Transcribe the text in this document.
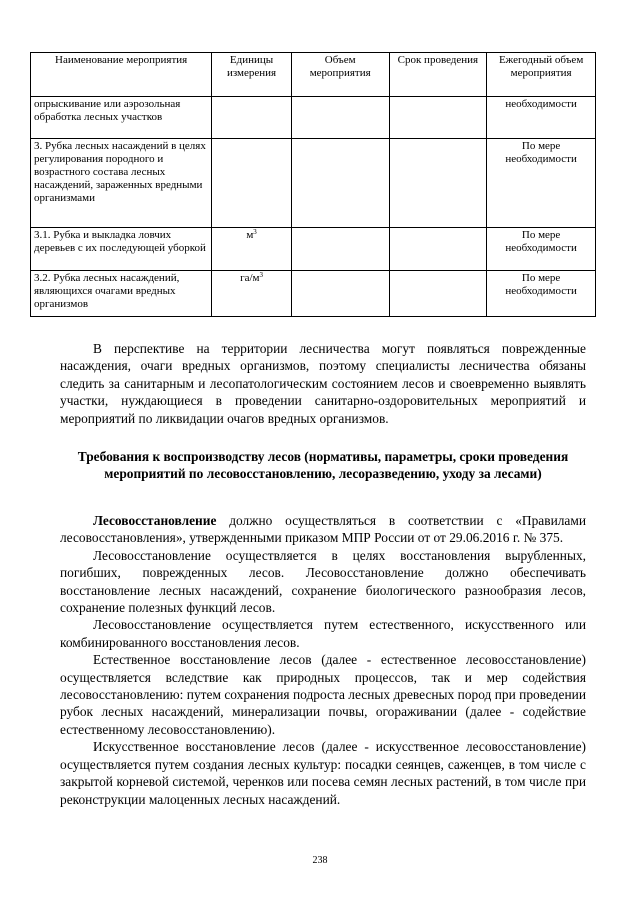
Наименование мероприятия	Единицы измерения	Объем мероприятия	Срок проведения	Ежегодный объем мероприятия
опрыскивание или аэрозольная обработка лесных участков				необходимости
3. Рубка лесных насаждений в целях регулирования породного и возрастного состава лесных насаждений, зараженных вредными организмами				По мере необходимости
3.1. Рубка и выкладка ловчих деревьев с их последующей уборкой	$м^3$			По мере необходимости
3.2. Рубка лесных насаждений, являющихся очагами вредных организмов	$га/м^3$			По мере необходимости

В перспективе на территории лесничества могут появляться поврежденные насаждения, очаги вредных организмов, поэтому специалисты лесничества обязаны следить за санитарным и лесопатологическим состоянием лесов и своевременно выявлять участки, нуждающиеся в проведении санитарно-оздоровительных мероприятий и мероприятий по ликвидации очагов вредных организмов.

Требования к воспроизводству лесов (нормативы, параметры, сроки проведения мероприятий по лесовосстановлению, лесоразведению, уходу за лесами)

Лесовосстановление должно осуществляться в соответствии с «Правилами лесовосстановления», утвержденными приказом МПР России от от 29.06.2016 г. № 375.

Лесовосстановление осуществляется в целях восстановления вырубленных, погибших, поврежденных лесов. Лесовосстановление должно обеспечивать восстановление лесных насаждений, сохранение биологического разнообразия лесов, сохранение полезных функций лесов.

Лесовосстановление осуществляется путем естественного, искусственного или комбинированного восстановления лесов.

Естественное восстановление лесов (далее - естественное лесовосстановление) осуществляется вследствие как природных процессов, так и мер содействия лесовосстановлению: путем сохранения подроста лесных древесных пород при проведении рубок лесных насаждений, минерализации почвы, огораживании (далее - содействие естественному лесовосстановлению).

Искусственное восстановление лесов (далее - искусственное лесовосстановление) осуществляется путем создания лесных культур: посадки сеянцев, саженцев, в том числе с закрытой корневой системой, черенков или посева семян лесных растений, в том числе при реконструкции малоценных лесных насаждений.

238
